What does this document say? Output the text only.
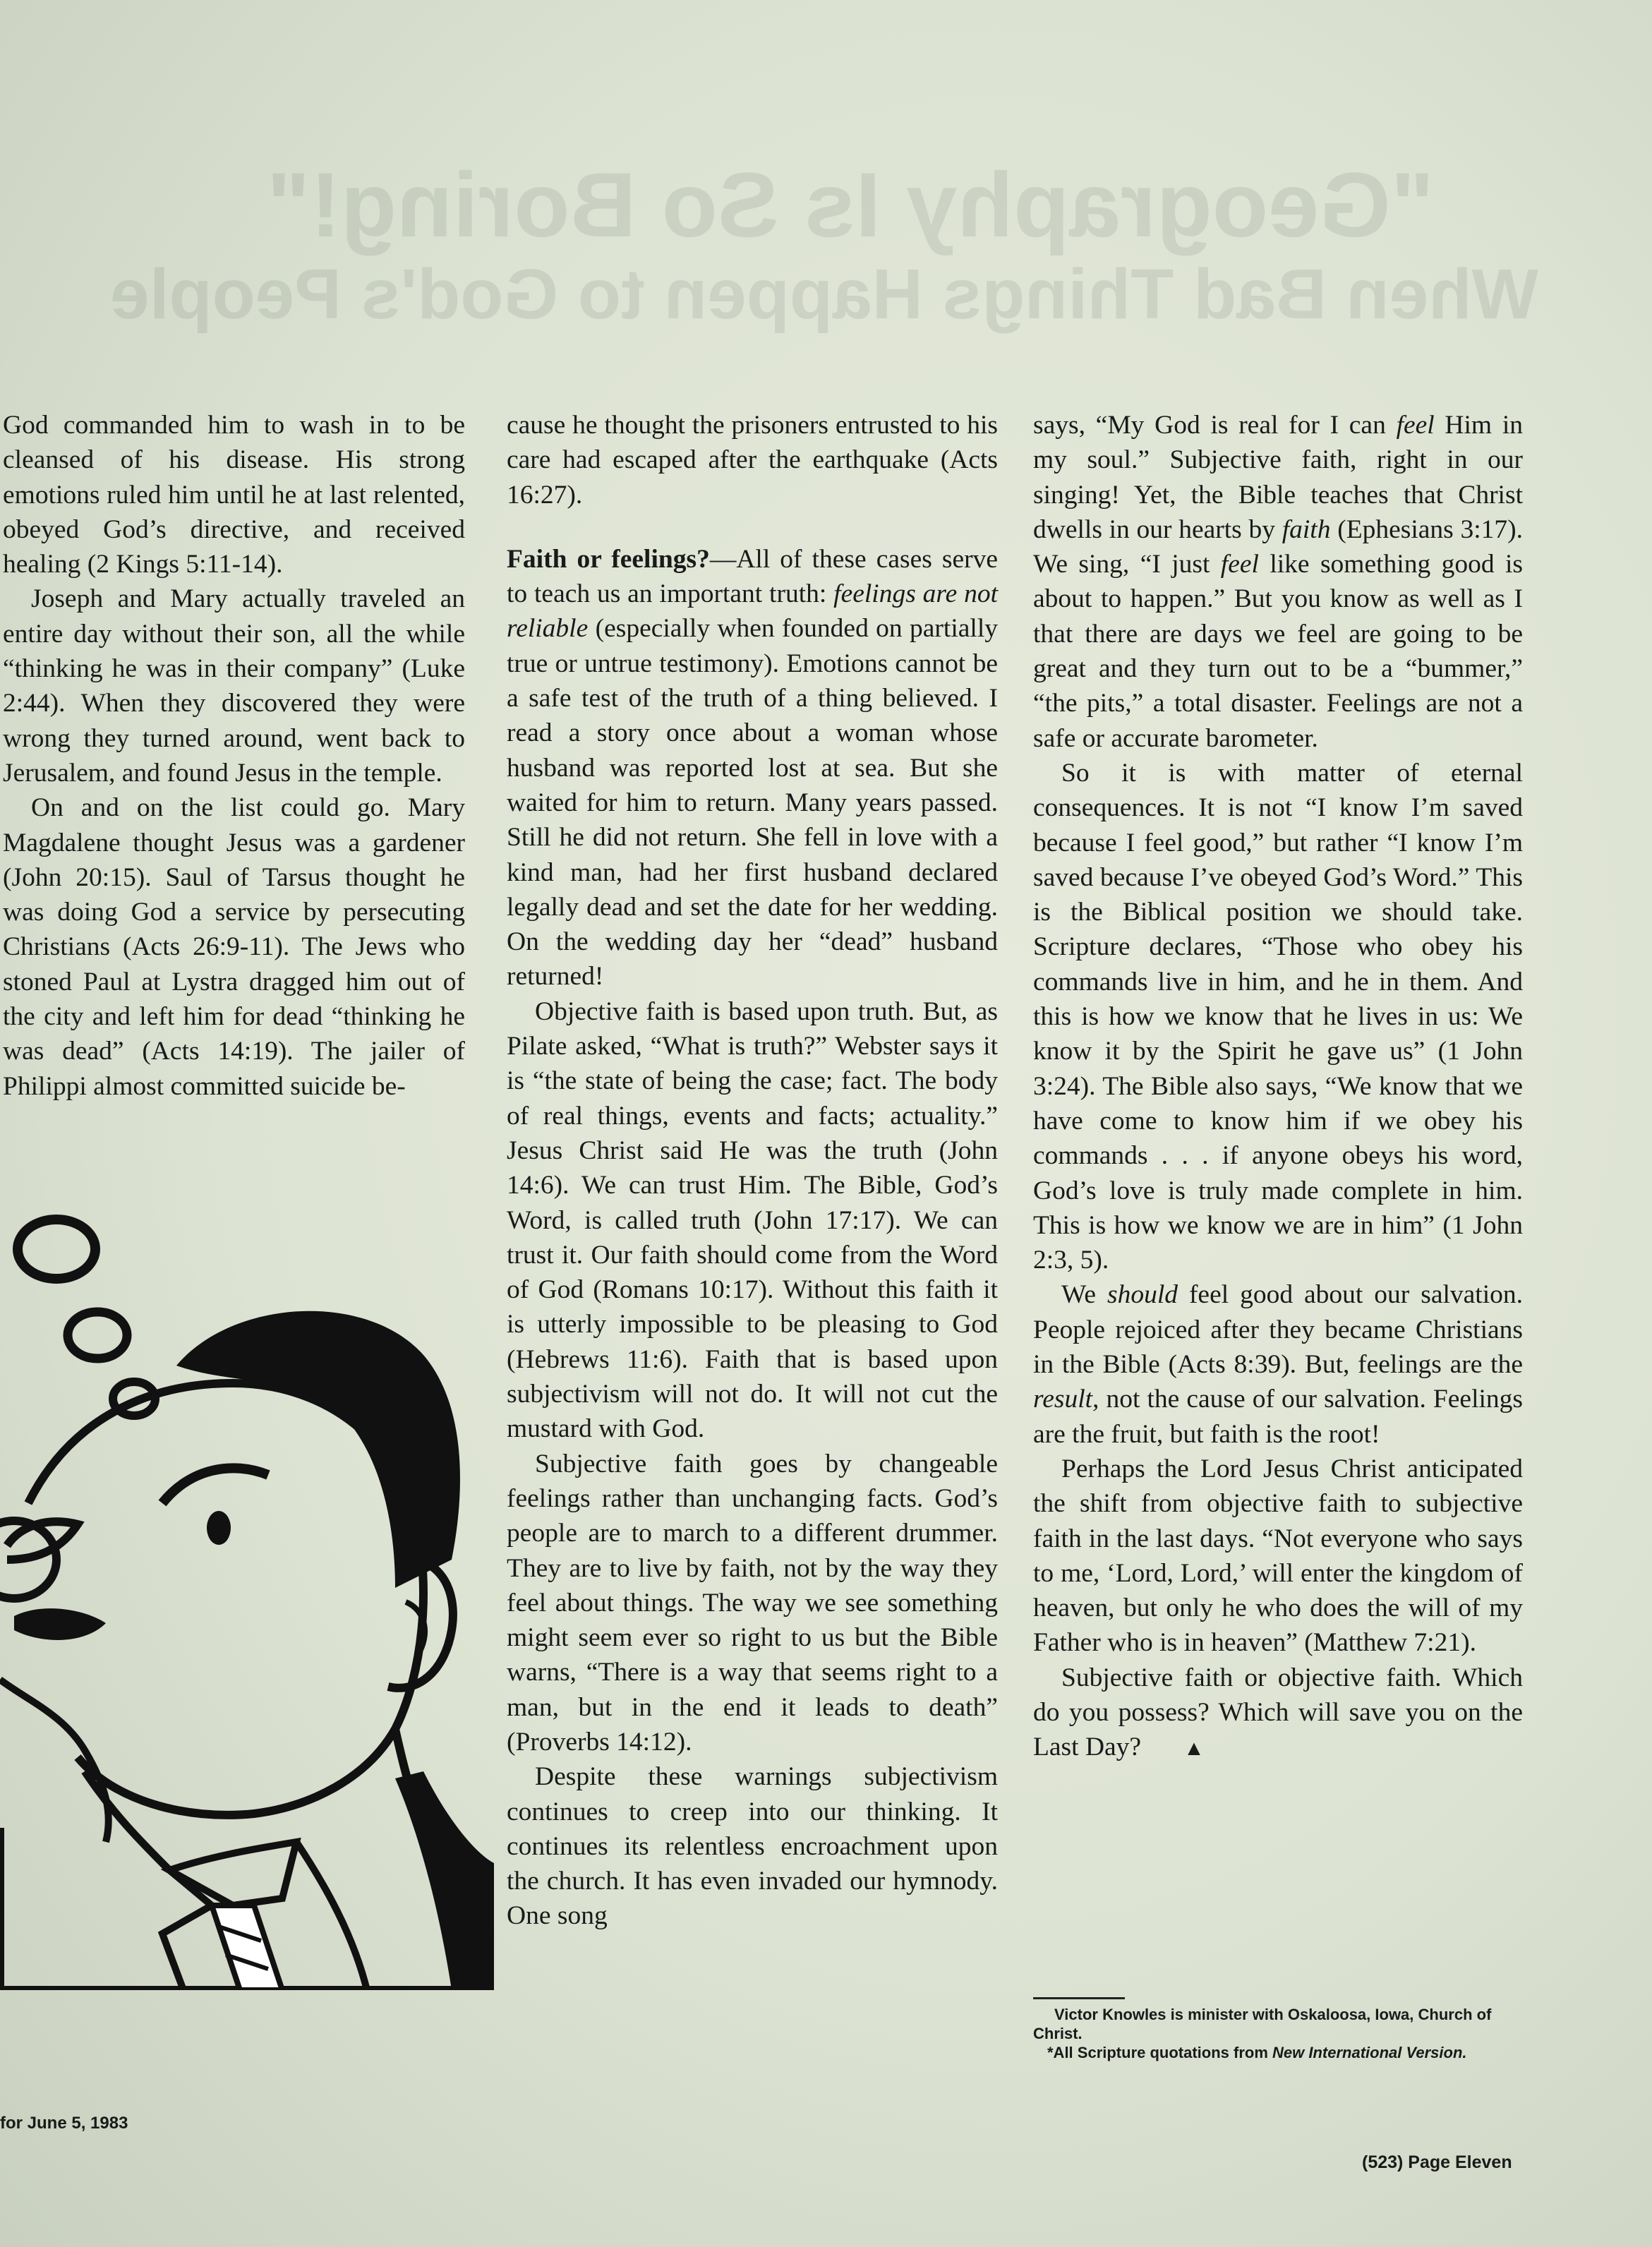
"Geography Is So Boring!"
When Bad Things Happen to God's People

God commanded him to wash in to be cleansed of his disease. His strong emotions ruled him until he at last relented, obeyed God’s directive, and received healing (2 Kings 5:11-14).

Joseph and Mary actually traveled an entire day without their son, all the while “thinking he was in their company” (Luke 2:44). When they discovered they were wrong they turned around, went back to Jerusalem, and found Jesus in the temple.

On and on the list could go. Mary Magdalene thought Jesus was a gardener (John 20:15). Saul of Tarsus thought he was doing God a service by persecuting Christians (Acts 26:9-11). The Jews who stoned Paul at Lystra dragged him out of the city and left him for dead “thinking he was dead” (Acts 14:19). The jailer of Philippi almost committed suicide be-

cause he thought the prisoners entrusted to his care had escaped after the earthquake (Acts 16:27).

Faith or feelings?—All of these cases serve to teach us an important truth: feelings are not reliable (especially when founded on partially true or untrue testimony). Emotions cannot be a safe test of the truth of a thing believed. I read a story once about a woman whose husband was reported lost at sea. But she waited for him to return. Many years passed. Still he did not return. She fell in love with a kind man, had her first husband declared legally dead and set the date for her wedding. On the wedding day her “dead” husband returned!

Objective faith is based upon truth. But, as Pilate asked, “What is truth?” Webster says it is “the state of being the case; fact. The body of real things, events and facts; actuality.” Jesus Christ said He was the truth (John 14:6). We can trust Him. The Bible, God’s Word, is called truth (John 17:17). We can trust it. Our faith should come from the Word of God (Romans 10:17). Without this faith it is utterly impossible to be pleasing to God (Hebrews 11:6). Faith that is based upon subjectivism will not do. It will not cut the mustard with God.

Subjective faith goes by changeable feelings rather than unchanging facts. God’s people are to march to a different drummer. They are to live by faith, not by the way they feel about things. The way we see something might seem ever so right to us but the Bible warns, “There is a way that seems right to a man, but in the end it leads to death” (Proverbs 14:12).

Despite these warnings subjectivism continues to creep into our thinking. It continues its relentless encroachment upon the church. It has even invaded our hymnody. One song

says, “My God is real for I can feel Him in my soul.” Subjective faith, right in our singing! Yet, the Bible teaches that Christ dwells in our hearts by faith (Ephesians 3:17). We sing, “I just feel like something good is about to happen.” But you know as well as I that there are days we feel are going to be great and they turn out to be a “bummer,” “the pits,” a total disaster. Feelings are not a safe or accurate barometer.

So it is with matter of eternal consequences. It is not “I know I’m saved because I feel good,” but rather “I know I’m saved because I’ve obeyed God’s Word.” This is the Biblical position we should take. Scripture declares, “Those who obey his commands live in him, and he in them. And this is how we know that he lives in us: We know it by the Spirit he gave us” (1 John 3:24). The Bible also says, “We know that we have come to know him if we obey his commands . . . if anyone obeys his word, God’s love is truly made complete in him. This is how we know we are in him” (1 John 2:3, 5).

We should feel good about our salvation. People rejoiced after they became Christians in the Bible (Acts 8:39). But, feelings are the result, not the cause of our salvation. Feelings are the fruit, but faith is the root!

Perhaps the Lord Jesus Christ anticipated the shift from objective faith to subjective faith in the last days. “Not everyone who says to me, ‘Lord, Lord,’ will enter the kingdom of heaven, but only he who does the will of my Father who is in heaven” (Matthew 7:21).

Subjective faith or objective faith. Which do you possess? Which will save you on the Last Day? ▲

Victor Knowles is minister with Oskaloosa, Iowa, Church of Christ.

*All Scripture quotations from New International Version.

for June 5, 1983
(523) Page Eleven
